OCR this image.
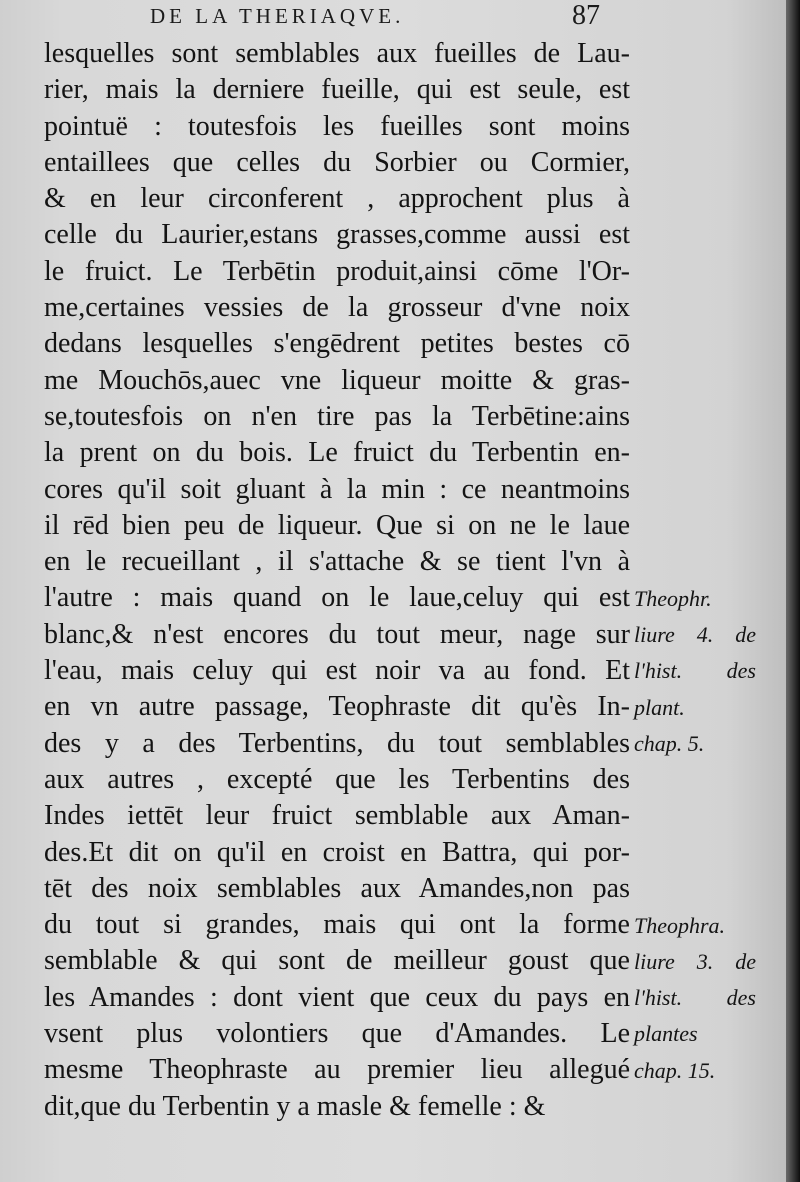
DE LA THERIAQVE.	87
lesquelles sont semblables aux fueilles de Lau-
rier, mais la derniere fueille, qui est seule, est
pointuë : toutesfois les fueilles sont moins
entaillees que celles du Sorbier ou Cormier,
& en leur circonferent , approchent plus à
celle du Laurier,estans grasses,comme aussi est
le fruict. Le Terbētin produit,ainsi cōme l'Or-
me,certaines vessies de la grosseur d'vne noix
dedans lesquelles s'engēdrent petites bestes cō
me Mouchōs,auec vne liqueur moitte & gras-
se,toutesfois on n'en tire pas la Terbētine:ains
la prent on du bois. Le fruict du Terbentin en-
cores qu'il soit gluant à la min : ce neantmoins
il rēd bien peu de liqueur. Que si on ne le laue
en le recueillant , il s'attache & se tient l'vn à
l'autre : mais quand on le laue,celuy qui est
blanc,& n'est encores du tout meur, nage sur
l'eau, mais celuy qui est noir va au fond. Et
en vn autre passage, Teophraste dit qu'ès In-
des y a des Terbentins, du tout semblables
aux autres , excepté que les Terbentins des
Indes iettēt leur fruict semblable aux Aman-
des.Et dit on qu'il en croist en Battra, qui por-
tēt des noix semblables aux Amandes,non pas
du tout si grandes, mais qui ont la forme
semblable & qui sont de meilleur goust que
les Amandes : dont vient que ceux du pays en
vsent plus volontiers que d'Amandes. Le
mesme Theophraste au premier lieu allegué
dit,que du Terbentin y a masle & femelle : &
Theophr.
liure 4. de
l'hist. des
plant.
chap. 5.
Theophra.
liure 3. de
l'hist. des
plantes
chap. 15.
